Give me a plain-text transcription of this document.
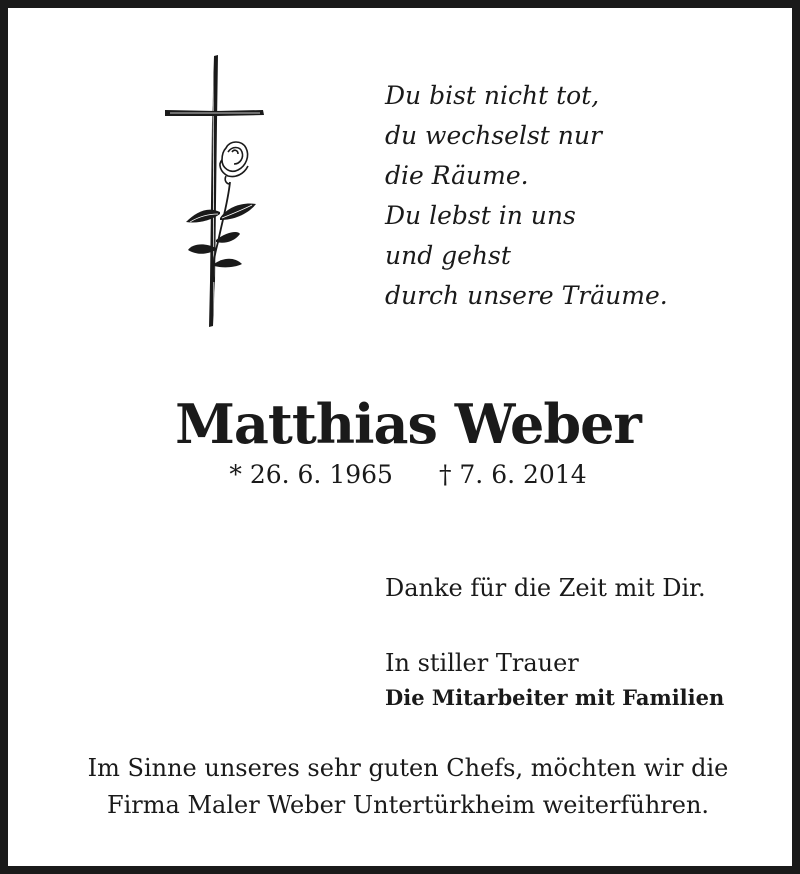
Du bist nicht tot,
du wechselst nur
die Räume.
Du lebst in uns
und gehst
durch unsere Träume.
Matthias Weber
* 26. 6. 1965 † 7. 6. 2014
Danke für die Zeit mit Dir.
In stiller Trauer
Die Mitarbeiter mit Familien
Im Sinne unseres sehr guten Chefs, möchten wir die
Firma Maler Weber Untertürkheim weiterführen.
